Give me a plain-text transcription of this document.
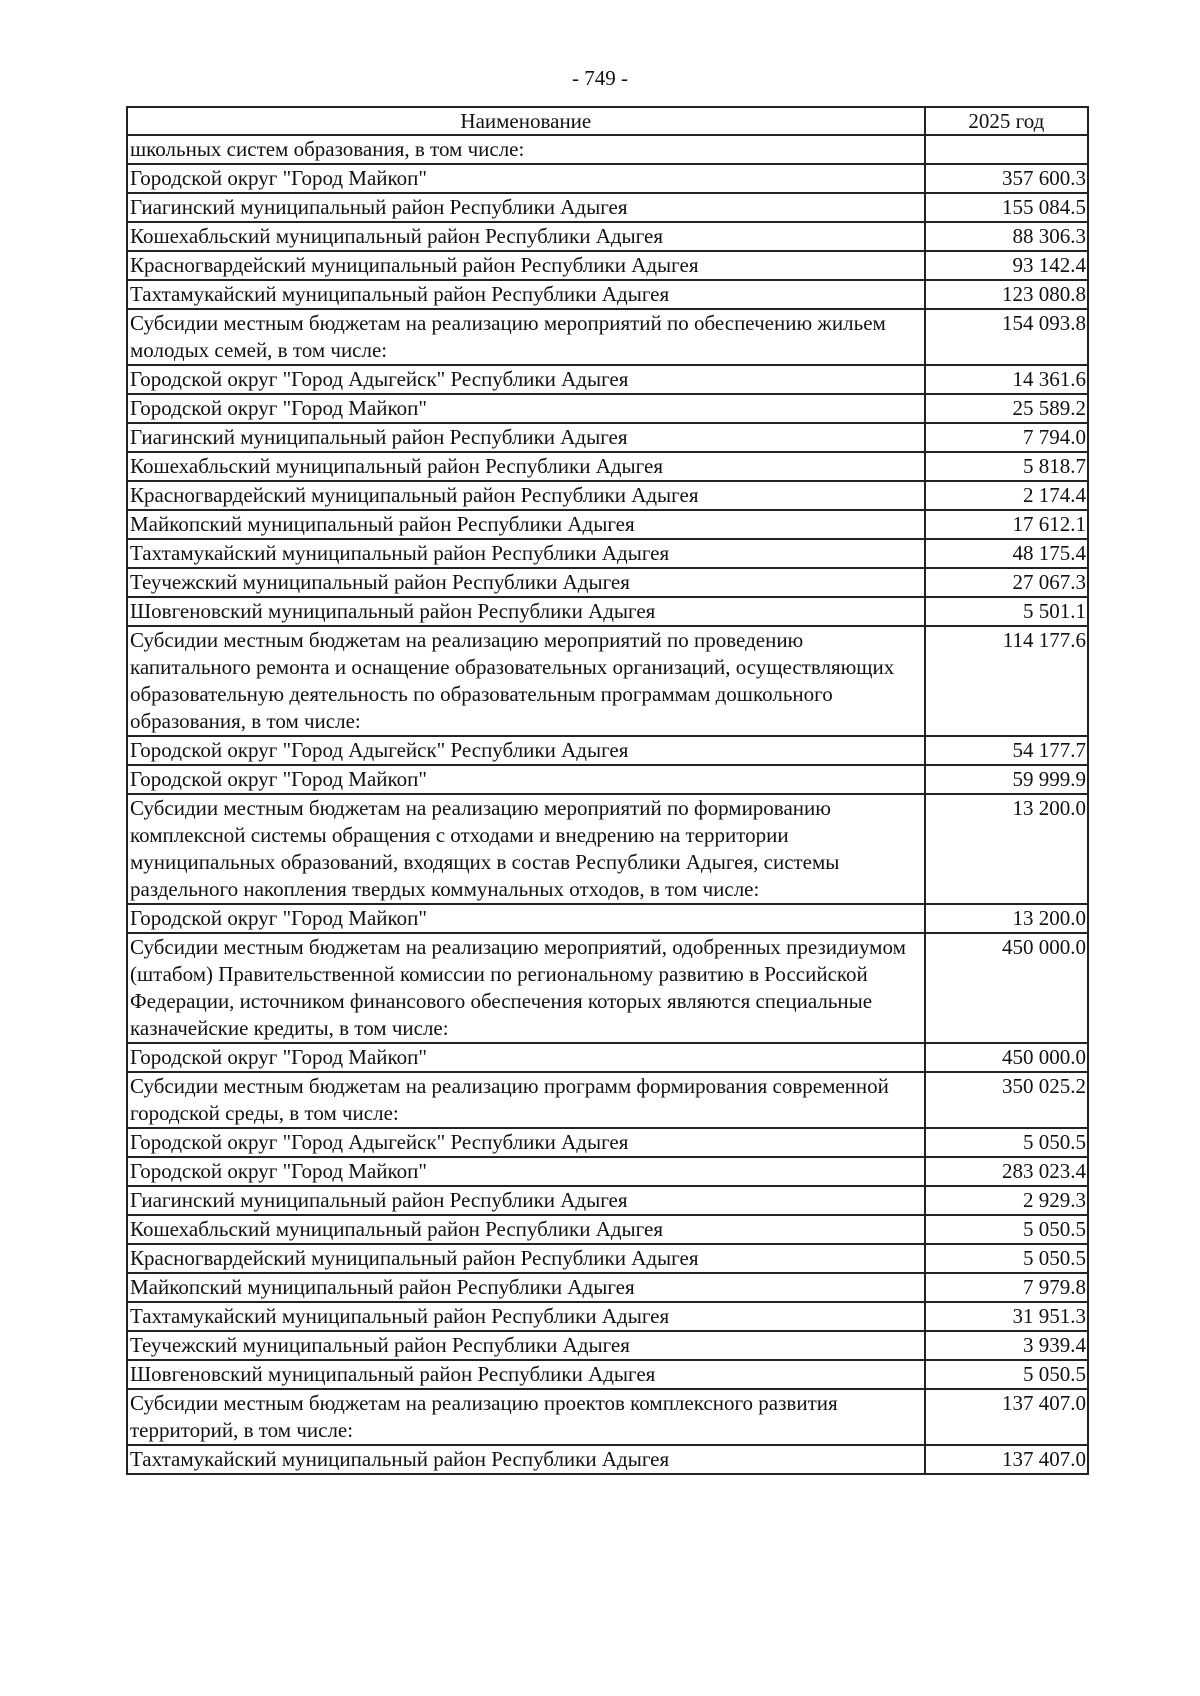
- 749 -
Наименование	2025 год
школьных систем образования, в том числе:	
Городской округ "Город Майкоп"	357 600.3
Гиагинский муниципальный район Республики Адыгея	155 084.5
Кошехабльский муниципальный район Республики Адыгея	88 306.3
Красногвардейский муниципальный район Республики Адыгея	93 142.4
Тахтамукайский муниципальный район Республики Адыгея	123 080.8
Субсидии местным бюджетам на реализацию мероприятий по обеспечению жильем молодых семей, в том числе:	154 093.8
Городской округ "Город Адыгейск" Республики Адыгея	14 361.6
Городской округ "Город Майкоп"	25 589.2
Гиагинский муниципальный район Республики Адыгея	7 794.0
Кошехабльский муниципальный район Республики Адыгея	5 818.7
Красногвардейский муниципальный район Республики Адыгея	2 174.4
Майкопский муниципальный район Республики Адыгея	17 612.1
Тахтамукайский муниципальный район Республики Адыгея	48 175.4
Теучежский муниципальный район Республики Адыгея	27 067.3
Шовгеновский муниципальный район Республики Адыгея	5 501.1
Субсидии местным бюджетам на реализацию мероприятий по проведению капитального ремонта и оснащение образовательных организаций, осуществляющих образовательную деятельность по образовательным программам дошкольного образования, в том числе:	114 177.6
Городской округ "Город Адыгейск" Республики Адыгея	54 177.7
Городской округ "Город Майкоп"	59 999.9
Субсидии местным бюджетам на реализацию мероприятий по формированию комплексной системы обращения с отходами и внедрению на территории муниципальных образований, входящих в состав Республики Адыгея, системы раздельного накопления твердых коммунальных отходов, в том числе:	13 200.0
Городской округ "Город Майкоп"	13 200.0
Субсидии местным бюджетам на реализацию мероприятий, одобренных президиумом (штабом) Правительственной комиссии по региональному развитию в Российской Федерации, источником финансового обеспечения которых являются специальные казначейские кредиты, в том числе:	450 000.0
Городской округ "Город Майкоп"	450 000.0
Субсидии местным бюджетам на реализацию программ формирования современной городской среды, в том числе:	350 025.2
Городской округ "Город Адыгейск" Республики Адыгея	5 050.5
Городской округ "Город Майкоп"	283 023.4
Гиагинский муниципальный район Республики Адыгея	2 929.3
Кошехабльский муниципальный район Республики Адыгея	5 050.5
Красногвардейский муниципальный район Республики Адыгея	5 050.5
Майкопский муниципальный район Республики Адыгея	7 979.8
Тахтамукайский муниципальный район Республики Адыгея	31 951.3
Теучежский муниципальный район Республики Адыгея	3 939.4
Шовгеновский муниципальный район Республики Адыгея	5 050.5
Субсидии местным бюджетам на реализацию проектов комплексного развития территорий, в том числе:	137 407.0
Тахтамукайский муниципальный район Республики Адыгея	137 407.0
